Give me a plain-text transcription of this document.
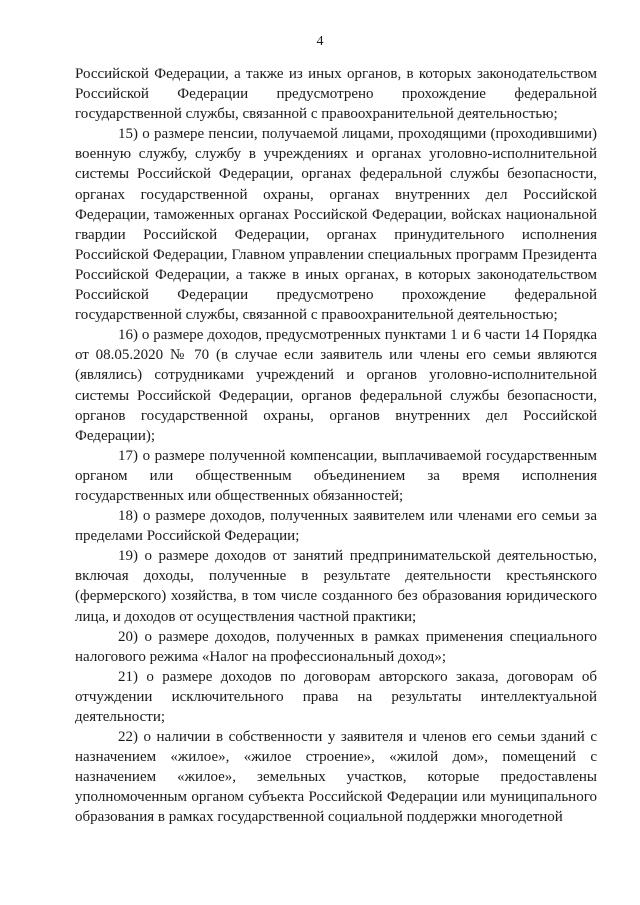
4

Российской Федерации, а также из иных органов, в которых законодательством Российской Федерации предусмотрено прохождение федеральной государственной службы, связанной с правоохранительной деятельностью;

15) о размере пенсии, получаемой лицами, проходящими (проходившими) военную службу, службу в учреждениях и органах уголовно-исполнительной системы Российской Федерации, органах федеральной службы безопасности, органах государственной охраны, органах внутренних дел Российской Федерации, таможенных органах Российской Федерации, войсках национальной гвардии Российской Федерации, органах принудительного исполнения Российской Федерации, Главном управлении специальных программ Президента Российской Федерации, а также в иных органах, в которых законодательством Российской Федерации предусмотрено прохождение федеральной государственной службы, связанной с правоохранительной деятельностью;

16) о размере доходов, предусмотренных пунктами 1 и 6 части 14 Порядка от 08.05.2020 № 70 (в случае если заявитель или члены его семьи являются (являлись) сотрудниками учреждений и органов уголовно-исполнительной системы Российской Федерации, органов федеральной службы безопасности, органов государственной охраны, органов внутренних дел Российской Федерации);

17) о размере полученной компенсации, выплачиваемой государственным органом или общественным объединением за время исполнения государственных или общественных обязанностей;

18) о размере доходов, полученных заявителем или членами его семьи за пределами Российской Федерации;

19) о размере доходов от занятий предпринимательской деятельностью, включая доходы, полученные в результате деятельности крестьянского (фермерского) хозяйства, в том числе созданного без образования юридического лица, и доходов от осуществления частной практики;

20) о размере доходов, полученных в рамках применения специального налогового режима «Налог на профессиональный доход»;

21) о размере доходов по договорам авторского заказа, договорам об отчуждении исключительного права на результаты интеллектуальной деятельности;

22) о наличии в собственности у заявителя и членов его семьи зданий с назначением «жилое», «жилое строение», «жилой дом», помещений с назначением «жилое», земельных участков, которые предоставлены уполномоченным органом субъекта Российской Федерации или муниципального образования в рамках государственной социальной поддержки многодетной
